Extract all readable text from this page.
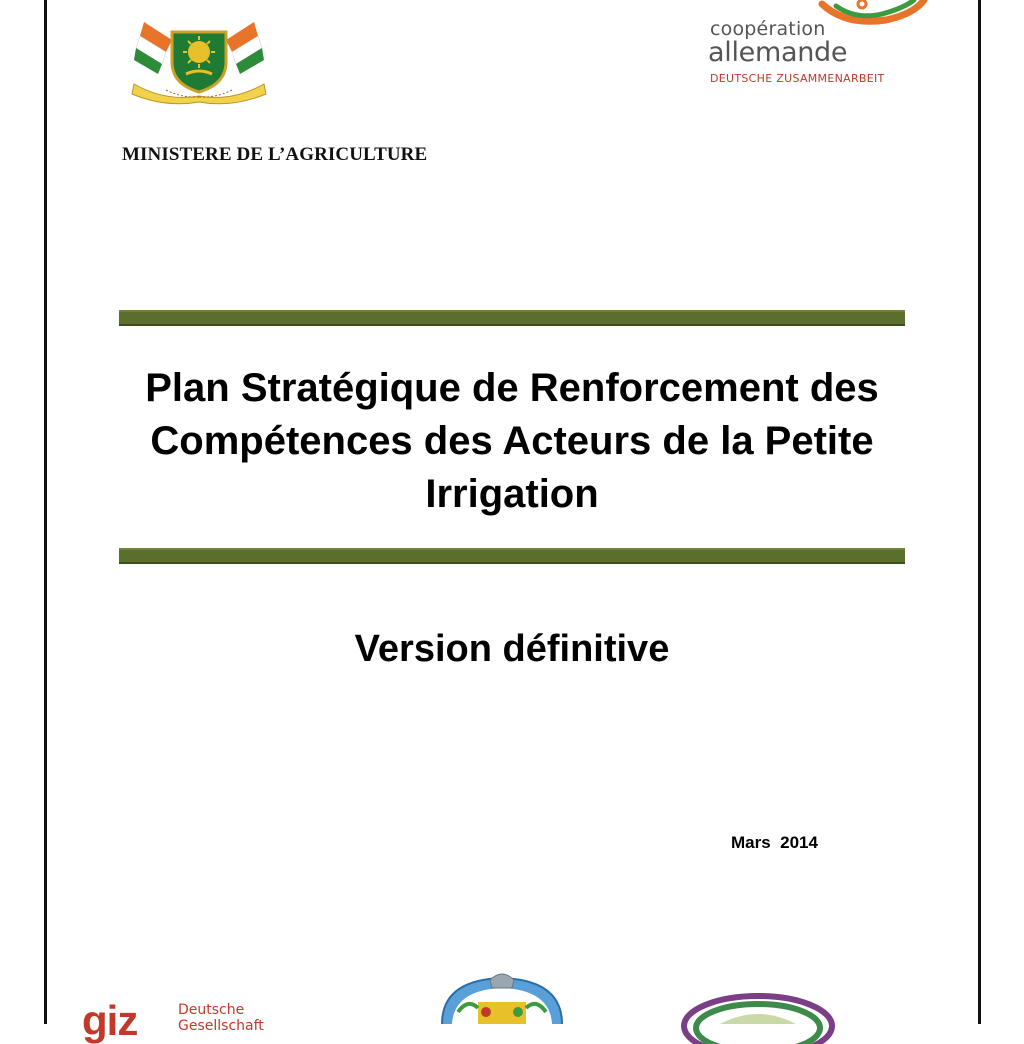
coopération
allemande
DEUTSCHE ZUSAMMENARBEIT
MINISTERE DE L’AGRICULTURE
Plan Stratégique de Renforcement des Compétences des Acteurs de la Petite Irrigation
Version définitive
Mars  2014
giz	Deutsche Gesellschaft
